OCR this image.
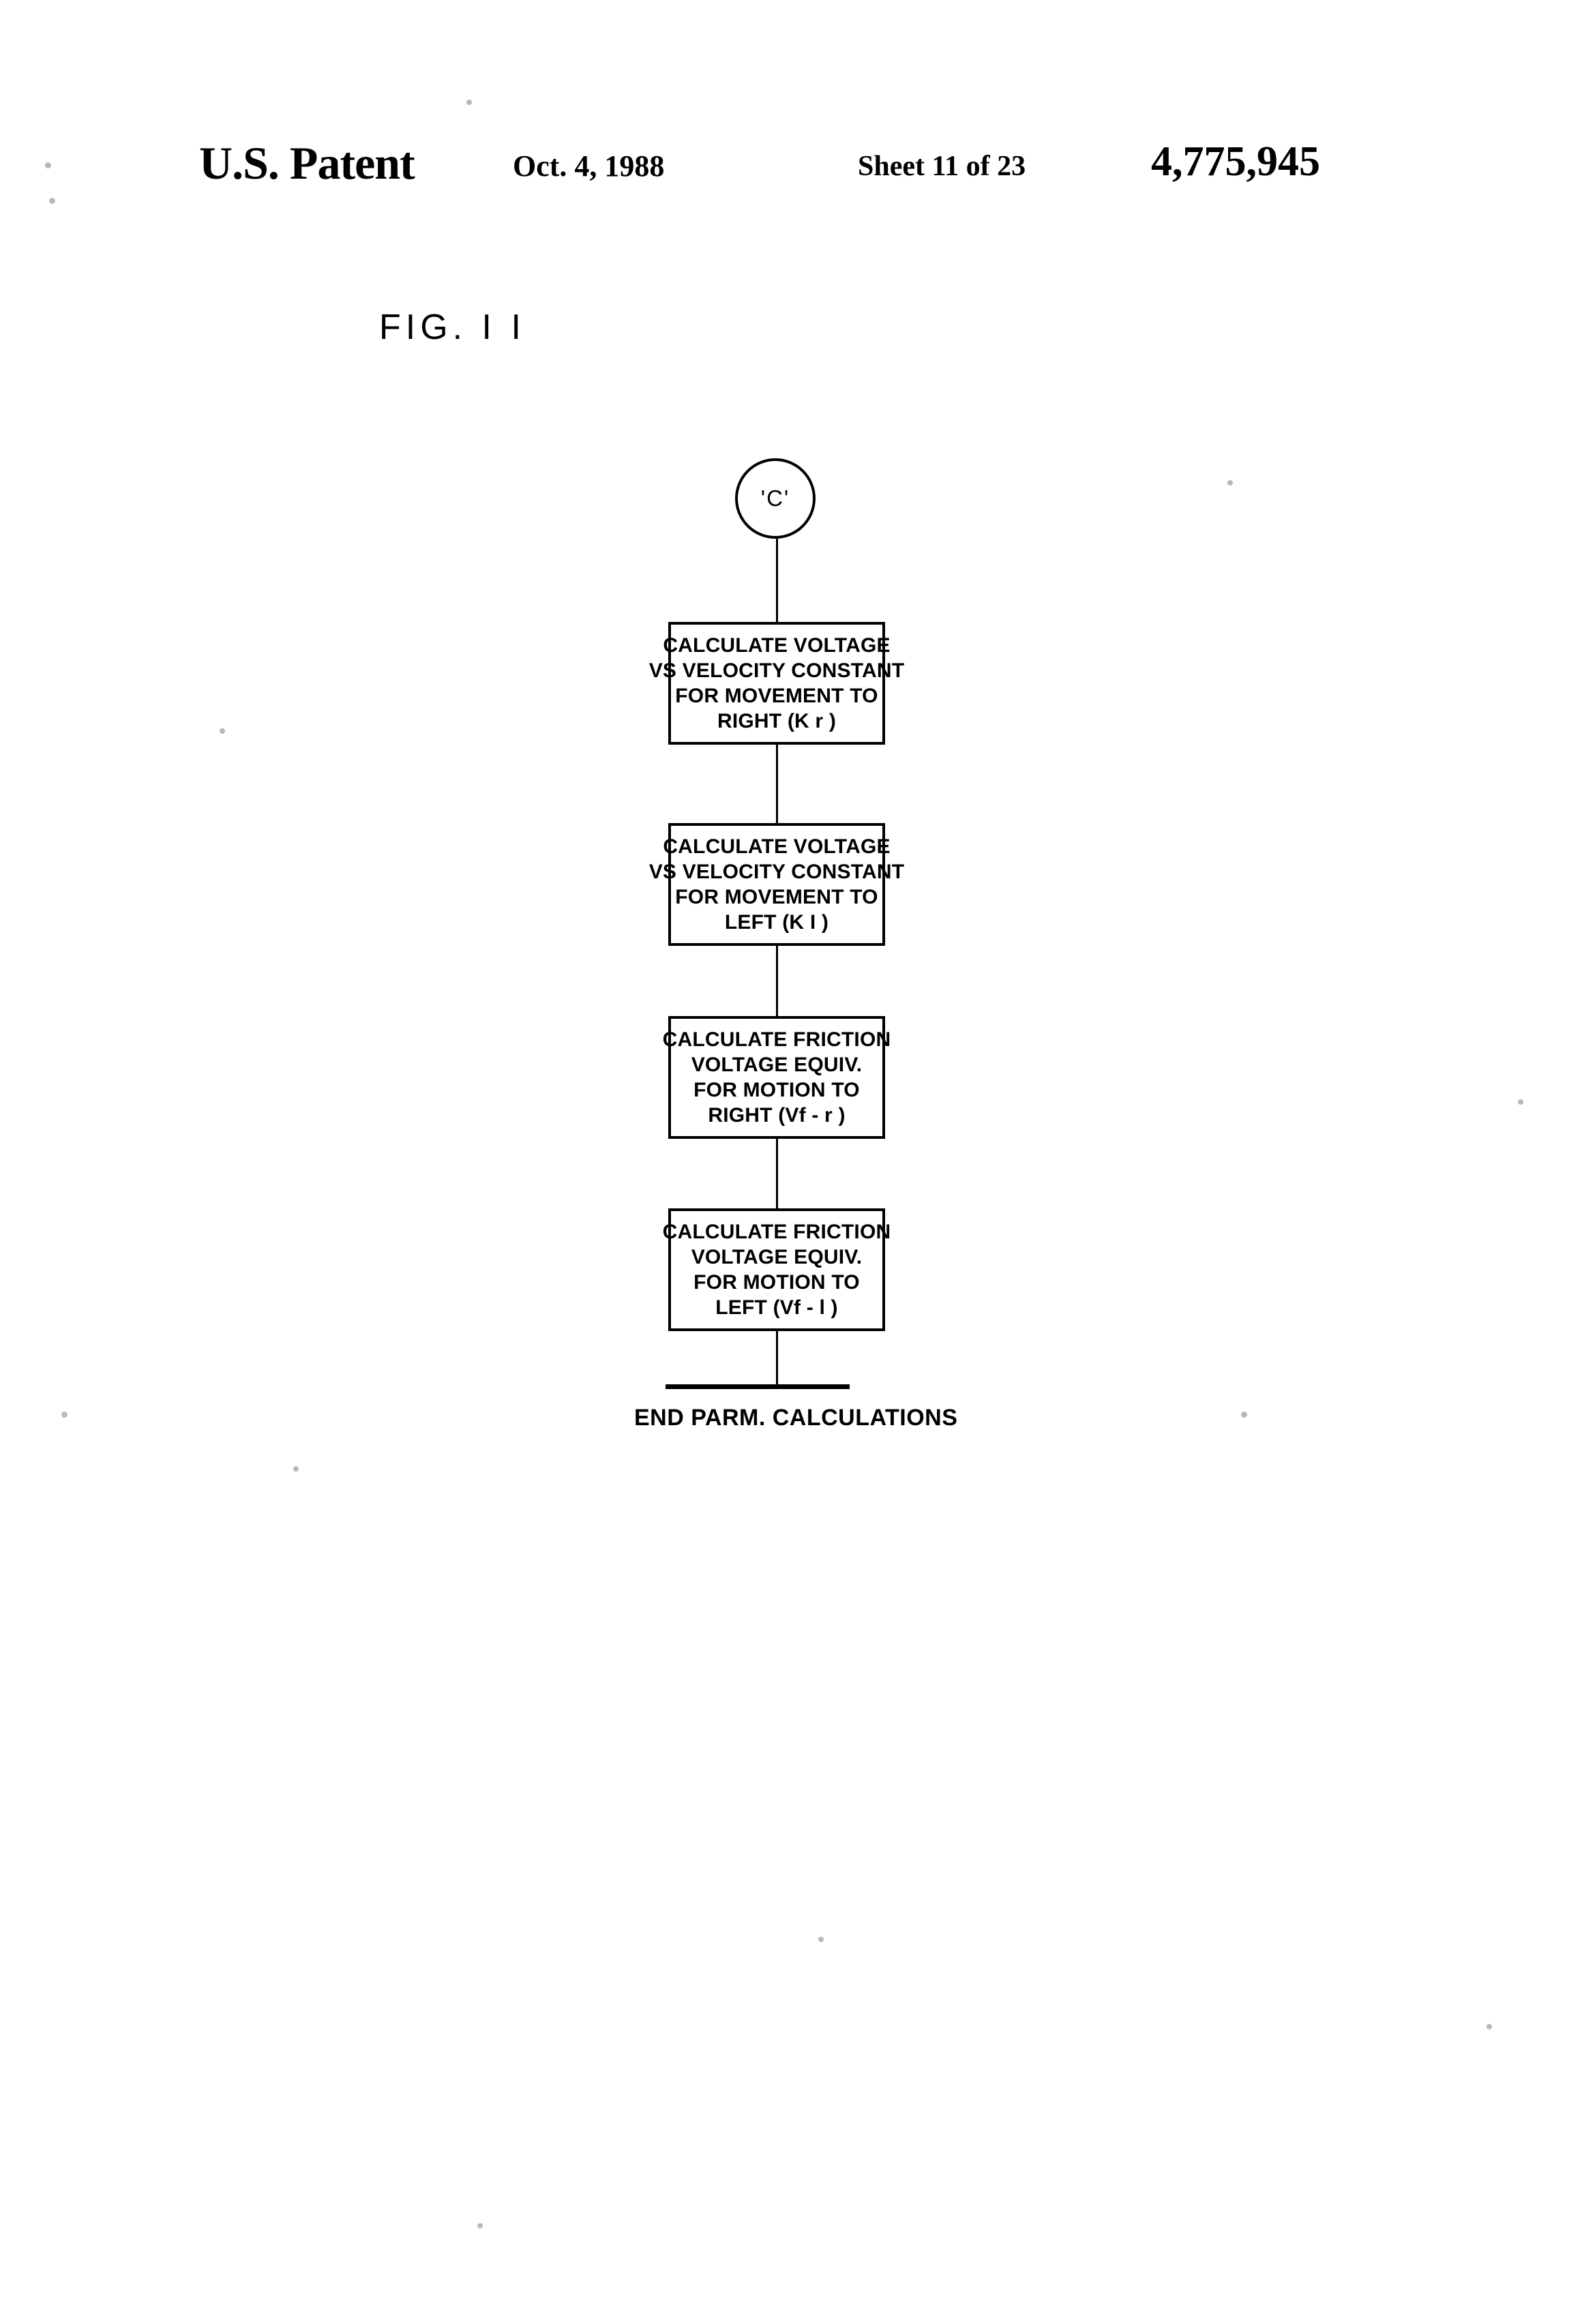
U.S. Patent	Oct. 4, 1988	Sheet 11 of 23	4,775,945
FIG. I I
'C'
CALCULATE VOLTAGE
VS VELOCITY CONSTANT
FOR MOVEMENT TO
RIGHT (K r )
CALCULATE VOLTAGE
VS VELOCITY CONSTANT
FOR MOVEMENT TO
LEFT (K I )
CALCULATE FRICTION
VOLTAGE EQUIV.
FOR MOTION TO
RIGHT (Vf - r )
CALCULATE FRICTION
VOLTAGE EQUIV.
FOR MOTION TO
LEFT (Vf - l )
END PARM. CALCULATIONS
